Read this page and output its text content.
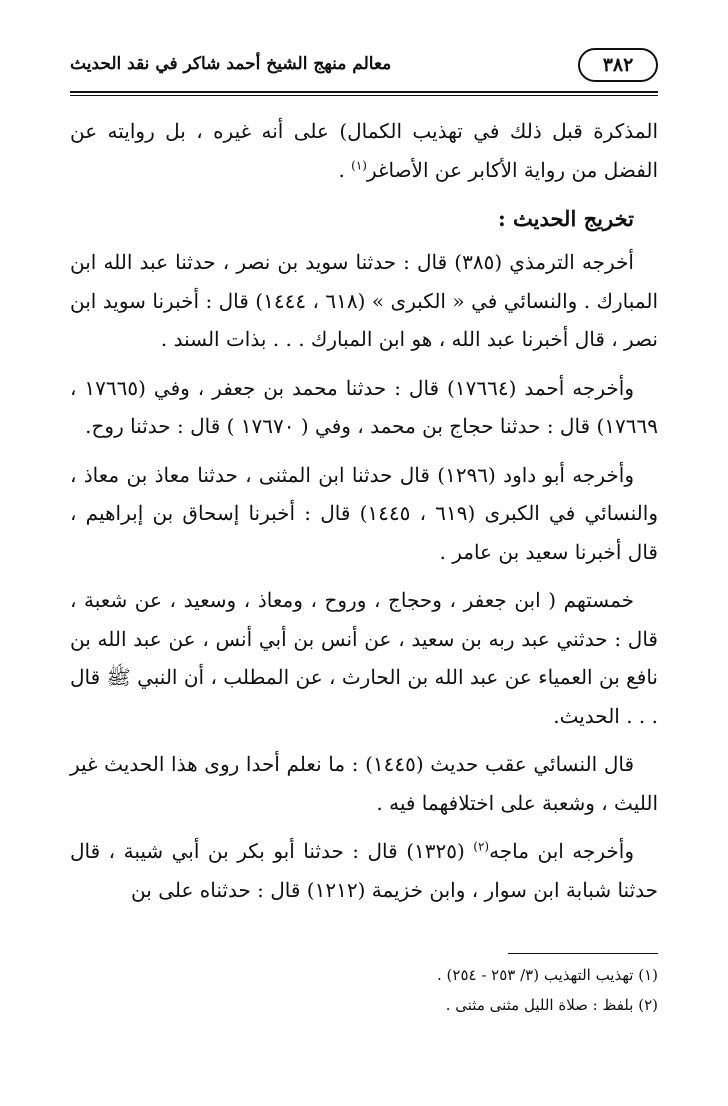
٣٨٢
معالم منهج الشيخ أحمد شاكر في نقد الحديث

المذكرة قبل ذلك في تهذيب الكمال) على أنه غيره ، بل روايته عن الفضل من رواية الأكابر عن الأصاغر$^{(١)}$ .

تخريج الحديث :

أخرجه الترمذي (٣٨٥) قال : حدثنا سويد بن نصر ، حدثنا عبد الله ابن المبارك . والنسائي في « الكبرى » (٦١٨ ، ١٤٤٤) قال : أخبرنا سويد ابن نصر ، قال أخبرنا عبد الله ، هو ابن المبارك . . . بذات السند .

وأخرجه أحمد (١٧٦٦٤) قال : حدثنا محمد بن جعفر ، وفي (١٧٦٦٥ ، ١٧٦٦٩) قال : حدثنا حجاج بن محمد ، وفي ( ١٧٦٧٠ ) قال : حدثنا روح.

وأخرجه أبو داود (١٢٩٦) قال حدثنا ابن المثنى ، حدثنا معاذ بن معاذ ، والنسائي في الكبرى (٦١٩ ، ١٤٤٥) قال : أخبرنا إسحاق بن إبراهيم ، قال أخبرنا سعيد بن عامر .

خمستهم ( ابن جعفر ، وحجاج ، وروح ، ومعاذ ، وسعيد ، عن شعبة ، قال : حدثني عبد ربه بن سعيد ، عن أنس بن أبي أنس ، عن عبد الله بن نافع بن العمياء عن عبد الله بن الحارث ، عن المطلب ، أن النبي ﷺ قال . . . الحديث.

قال النسائي عقب حديث (١٤٤٥) : ما نعلم أحدا روى هذا الحديث غير الليث ، وشعبة على اختلافهما فيه .

وأخرجه ابن ماجه$^{(٢)}$ (١٣٢٥) قال : حدثنا أبو بكر بن أبي شيبة ، قال حدثنا شبابة ابن سوار ، وابن خزيمة (١٢١٢) قال : حدثناه على بن

(١) تهذيب التهذيب (٣/ ٢٥٣ - ٢٥٤) .
(٢) بلفظ : صلاة الليل مثنى مثنى .
